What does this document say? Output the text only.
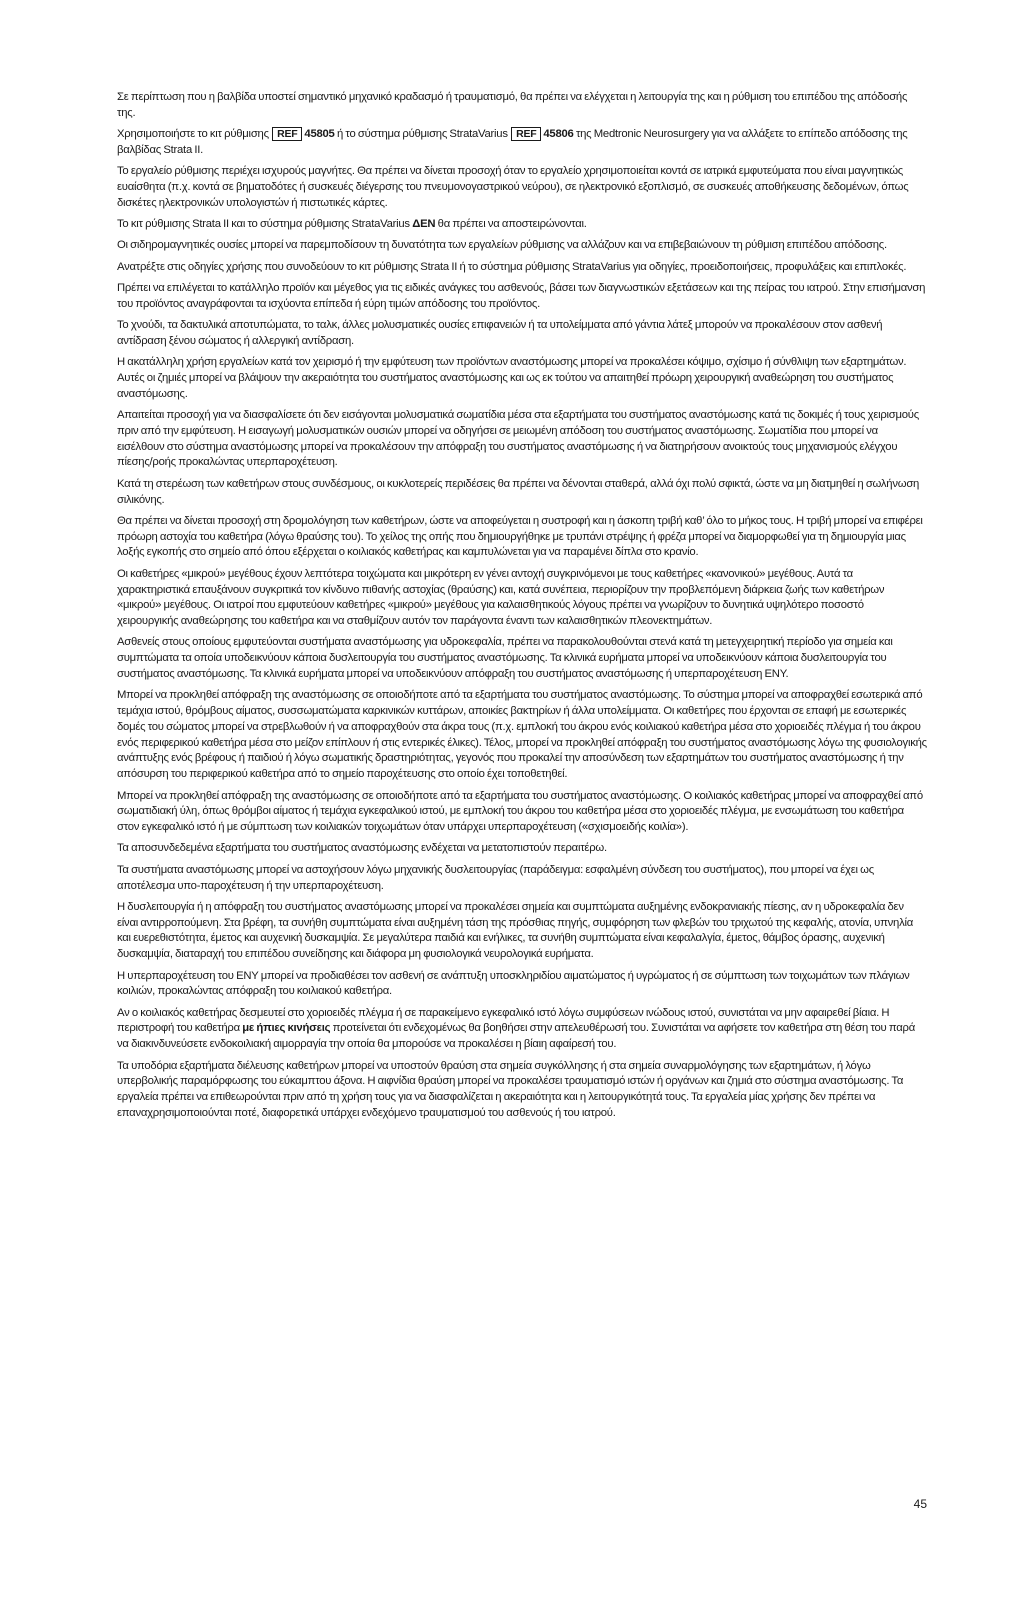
Σε περίπτωση που η βαλβίδα υποστεί σημαντικό μηχανικό κραδασμό ή τραυματισμό, θα πρέπει να ελέγχεται η λειτουργία της και η ρύθμιση του επιπέδου της απόδοσής της.

Χρησιμοποιήστε το κιτ ρύθμισης REF 45805 ή το σύστημα ρύθμισης StrataVarius REF 45806 της Medtronic Neurosurgery για να αλλάξετε το επίπεδο απόδοσης της βαλβίδας Strata II.

Το εργαλείο ρύθμισης περιέχει ισχυρούς μαγνήτες. Θα πρέπει να δίνεται προσοχή όταν το εργαλείο χρησιμοποιείται κοντά σε ιατρικά εμφυτεύματα που είναι μαγνητικώς ευαίσθητα (π.χ. κοντά σε βηματοδότες ή συσκευές διέγερσης του πνευμονογαστρικού νεύρου), σε ηλεκτρονικό εξοπλισμό, σε συσκευές αποθήκευσης δεδομένων, όπως δισκέτες ηλεκτρονικών υπολογιστών ή πιστωτικές κάρτες.

Το κιτ ρύθμισης Strata II και το σύστημα ρύθμισης StrataVarius ΔΕΝ θα πρέπει να αποστειρώνονται.

Οι σιδηρομαγνητικές ουσίες μπορεί να παρεμποδίσουν τη δυνατότητα των εργαλείων ρύθμισης να αλλάζουν και να επιβεβαιώνουν τη ρύθμιση επιπέδου απόδοσης.

Ανατρέξτε στις οδηγίες χρήσης που συνοδεύουν το κιτ ρύθμισης Strata II ή το σύστημα ρύθμισης StrataVarius για οδηγίες, προειδοποιήσεις, προφυλάξεις και επιπλοκές.

Πρέπει να επιλέγεται το κατάλληλο προϊόν και μέγεθος για τις ειδικές ανάγκες του ασθενούς, βάσει των διαγνωστικών εξετάσεων και της πείρας του ιατρού. Στην επισήμανση του προϊόντος αναγράφονται τα ισχύοντα επίπεδα ή εύρη τιμών απόδοσης του προϊόντος.

Το χνούδι, τα δακτυλικά αποτυπώματα, το ταλκ, άλλες μολυσματικές ουσίες επιφανειών ή τα υπολείμματα από γάντια λάτεξ μπορούν να προκαλέσουν στον ασθενή αντίδραση ξένου σώματος ή αλλεργική αντίδραση.

Η ακατάλληλη χρήση εργαλείων κατά τον χειρισμό ή την εμφύτευση των προϊόντων αναστόμωσης μπορεί να προκαλέσει κόψιμο, σχίσιμο ή σύνθλιψη των εξαρτημάτων. Αυτές οι ζημιές μπορεί να βλάψουν την ακεραιότητα του συστήματος αναστόμωσης και ως εκ τούτου να απαιτηθεί πρόωρη χειρουργική αναθεώρηση του συστήματος αναστόμωσης.

Απαιτείται προσοχή για να διασφαλίσετε ότι δεν εισάγονται μολυσματικά σωματίδια μέσα στα εξαρτήματα του συστήματος αναστόμωσης κατά τις δοκιμές ή τους χειρισμούς πριν από την εμφύτευση. Η εισαγωγή μολυσματικών ουσιών μπορεί να οδηγήσει σε μειωμένη απόδοση του συστήματος αναστόμωσης. Σωματίδια που μπορεί να εισέλθουν στο σύστημα αναστόμωσης μπορεί να προκαλέσουν την απόφραξη του συστήματος αναστόμωσης ή να διατηρήσουν ανοικτούς τους μηχανισμούς ελέγχου πίεσης/ροής προκαλώντας υπερπαροχέτευση.

Κατά τη στερέωση των καθετήρων στους συνδέσμους, οι κυκλοτερείς περιδέσεις θα πρέπει να δένονται σταθερά, αλλά όχι πολύ σφικτά, ώστε να μη διατμηθεί η σωλήνωση σιλικόνης.

Θα πρέπει να δίνεται προσοχή στη δρομολόγηση των καθετήρων, ώστε να αποφεύγεται η συστροφή και η άσκοπη τριβή καθ’ όλο το μήκος τους. Η τριβή μπορεί να επιφέρει πρόωρη αστοχία του καθετήρα (λόγω θραύσης του). Το χείλος της οπής που δημιουργήθηκε με τρυπάνι στρέψης ή φρέζα μπορεί να διαμορφωθεί για τη δημιουργία μιας λοξής εγκοπής στο σημείο από όπου εξέρχεται ο κοιλιακός καθετήρας και καμπυλώνεται για να παραμένει δίπλα στο κρανίο.

Οι καθετήρες «μικρού» μεγέθους έχουν λεπτότερα τοιχώματα και μικρότερη εν γένει αντοχή συγκρινόμενοι με τους καθετήρες «κανονικού» μεγέθους. Αυτά τα χαρακτηριστικά επαυξάνουν συγκριτικά τον κίνδυνο πιθανής αστοχίας (θραύσης) και, κατά συνέπεια, περιορίζουν την προβλεπόμενη διάρκεια ζωής των καθετήρων «μικρού» μεγέθους. Οι ιατροί που εμφυτεύουν καθετήρες «μικρού» μεγέθους για καλαισθητικούς λόγους πρέπει να γνωρίζουν το δυνητικά υψηλότερο ποσοστό χειρουργικής αναθεώρησης του καθετήρα και να σταθμίζουν αυτόν τον παράγοντα έναντι των καλαισθητικών πλεονεκτημάτων.

Ασθενείς στους οποίους εμφυτεύονται συστήματα αναστόμωσης για υδροκεφαλία, πρέπει να παρακολουθούνται στενά κατά τη μετεγχειρητική περίοδο για σημεία και συμπτώματα τα οποία υποδεικνύουν κάποια δυσλειτουργία του συστήματος αναστόμωσης. Τα κλινικά ευρήματα μπορεί να υποδεικνύουν κάποια δυσλειτουργία του συστήματος αναστόμωσης. Τα κλινικά ευρήματα μπορεί να υποδεικνύουν απόφραξη του συστήματος αναστόμωσης ή υπερπαροχέτευση ΕΝΥ.

Μπορεί να προκληθεί απόφραξη της αναστόμωσης σε οποιοδήποτε από τα εξαρτήματα του συστήματος αναστόμωσης. Το σύστημα μπορεί να αποφραχθεί εσωτερικά από τεμάχια ιστού, θρόμβους αίματος, συσσωματώματα καρκινικών κυττάρων, αποικίες βακτηρίων ή άλλα υπολείμματα. Οι καθετήρες που έρχονται σε επαφή με εσωτερικές δομές του σώματος μπορεί να στρεβλωθούν ή να αποφραχθούν στα άκρα τους (π.χ. εμπλοκή του άκρου ενός κοιλιακού καθετήρα μέσα στο χοριοειδές πλέγμα ή του άκρου ενός περιφερικού καθετήρα μέσα στο μείζον επίπλουν ή στις εντερικές έλικες). Τέλος, μπορεί να προκληθεί απόφραξη του συστήματος αναστόμωσης λόγω της φυσιολογικής ανάπτυξης ενός βρέφους ή παιδιού ή λόγω σωματικής δραστηριότητας, γεγονός που προκαλεί την αποσύνδεση των εξαρτημάτων του συστήματος αναστόμωσης ή την απόσυρση του περιφερικού καθετήρα από το σημείο παροχέτευσης στο οποίο έχει τοποθετηθεί.

Μπορεί να προκληθεί απόφραξη της αναστόμωσης σε οποιοδήποτε από τα εξαρτήματα του συστήματος αναστόμωσης. Ο κοιλιακός καθετήρας μπορεί να αποφραχθεί από σωματιδιακή ύλη, όπως θρόμβοι αίματος ή τεμάχια εγκεφαλικού ιστού, με εμπλοκή του άκρου του καθετήρα μέσα στο χοριοειδές πλέγμα, με ενσωμάτωση του καθετήρα στον εγκεφαλικό ιστό ή με σύμπτωση των κοιλιακών τοιχωμάτων όταν υπάρχει υπερπαροχέτευση («σχισμοειδής κοιλία»).

Τα αποσυνδεδεμένα εξαρτήματα του συστήματος αναστόμωσης ενδέχεται να μετατοπιστούν περαιτέρω.

Τα συστήματα αναστόμωσης μπορεί να αστοχήσουν λόγω μηχανικής δυσλειτουργίας (παράδειγμα: εσφαλμένη σύνδεση του συστήματος), που μπορεί να έχει ως αποτέλεσμα υπο-παροχέτευση ή την υπερπαροχέτευση.

Η δυσλειτουργία ή η απόφραξη του συστήματος αναστόμωσης μπορεί να προκαλέσει σημεία και συμπτώματα αυξημένης ενδοκρανιακής πίεσης, αν η υδροκεφαλία δεν είναι αντιρροπούμενη. Στα βρέφη, τα συνήθη συμπτώματα είναι αυξημένη τάση της πρόσθιας πηγής, συμφόρηση των φλεβών του τριχωτού της κεφαλής, ατονία, υπνηλία και ευερεθιστότητα, έμετος και αυχενική δυσκαμψία. Σε μεγαλύτερα παιδιά και ενήλικες, τα συνήθη συμπτώματα είναι κεφαλαλγία, έμετος, θάμβος όρασης, αυχενική δυσκαμψία, διαταραχή του επιπέδου συνείδησης και διάφορα μη φυσιολογικά νευρολογικά ευρήματα.

Η υπερπαροχέτευση του ΕΝΥ μπορεί να προδιαθέσει τον ασθενή σε ανάπτυξη υποσκληριδίου αιματώματος ή υγρώματος ή σε σύμπτωση των τοιχωμάτων των πλάγιων κοιλιών, προκαλώντας απόφραξη του κοιλιακού καθετήρα.

Αν ο κοιλιακός καθετήρας δεσμευτεί στο χοριοειδές πλέγμα ή σε παρακείμενο εγκεφαλικό ιστό λόγω συμφύσεων ινώδους ιστού, συνιστάται να μην αφαιρεθεί βίαια. Η περιστροφή του καθετήρα με ήπιες κινήσεις προτείνεται ότι ενδεχομένως θα βοηθήσει στην απελευθέρωσή του. Συνιστάται να αφήσετε τον καθετήρα στη θέση του παρά να διακινδυνεύσετε ενδοκοιλιακή αιμορραγία την οποία θα μπορούσε να προκαλέσει η βίαιη αφαίρεσή του.

Τα υποδόρια εξαρτήματα διέλευσης καθετήρων μπορεί να υποστούν θραύση στα σημεία συγκόλλησης ή στα σημεία συναρμολόγησης των εξαρτημάτων, ή λόγω υπερβολικής παραμόρφωσης του εύκαμπτου άξονα. Η αιφνίδια θραύση μπορεί να προκαλέσει τραυματισμό ιστών ή οργάνων και ζημιά στο σύστημα αναστόμωσης. Τα εργαλεία πρέπει να επιθεωρούνται πριν από τη χρήση τους για να διασφαλίζεται η ακεραιότητα και η λειτουργικότητά τους. Τα εργαλεία μίας χρήσης δεν πρέπει να επαναχρησιμοποιούνται ποτέ, διαφορετικά υπάρχει ενδεχόμενο τραυματισμού του ασθενούς ή του ιατρού.

45
